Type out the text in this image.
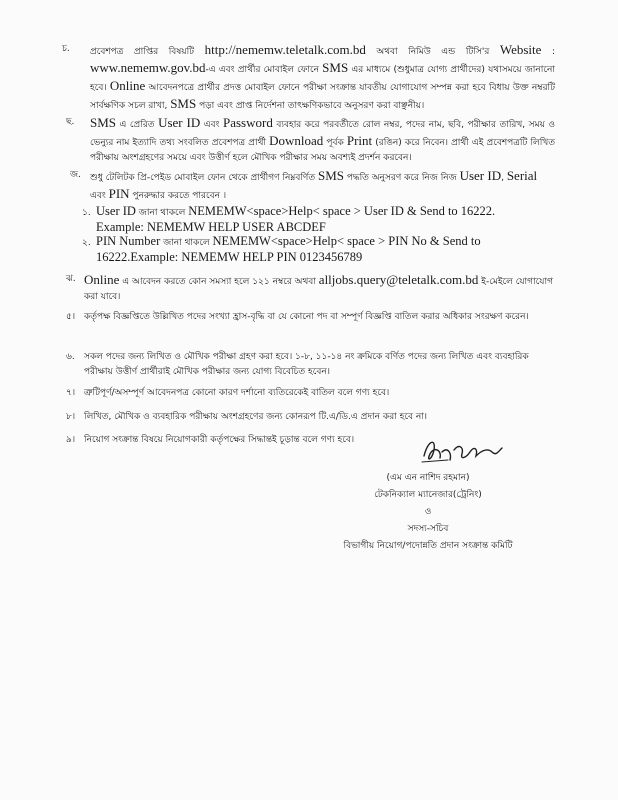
চ. প্রবেশপত্র প্রাপ্তির বিষয়টি http://nememw.teletalk.com.bd অথবা নিমিউ এন্ড টিসি'র Website : www.nememw.gov.bd-এ এবং প্রার্থীর মোবাইল ফোনে SMS এর মাধ্যমে (শুধুমাত্র যোগ্য প্রার্থীদের) যথাসময়ে জানানো হবে। Online আবেদনপত্রে প্রার্থীর প্রদত্ত মোবাইল ফোনে পরীক্ষা সংক্রান্ত যাবতীয় যোগাযোগ সম্পন্ন করা হবে বিধায় উক্ত নম্বরটি সার্বক্ষণিক সচল রাখা, SMS পড়া এবং প্রাপ্ত নির্দেশনা তাৎক্ষণিকভাবে অনুসরণ করা বাঞ্ছনীয়।
ছ. SMS এ প্রেরিত User ID এবং Password ব্যবহার করে পরবর্তীতে রোল নম্বর, পদের নাম, ছবি, পরীক্ষার তারিখ, সময় ও ভেন্যুর নাম ইত্যাদি তথ্য সংবলিত প্রবেশপত্র প্রার্থী Download পূর্বক Print (রঙিন) করে নিবেন। প্রার্থী এই প্রবেশপত্রটি লিখিত পরীক্ষায় অংশগ্রহণের সময়ে এবং উত্তীর্ণ হলে মৌখিক পরীক্ষার সময় অবশ্যই প্রদর্শন করবেন।
জ. শুধু টেলিটক প্রি-পেইড মোবাইল ফোন থেকে প্রার্থীগণ নিম্নবর্ণিত SMS পদ্ধতি অনুসরণ করে নিজ নিজ User ID, Serial এবং PIN পুনরুদ্ধার করতে পারবেন ।
১. User ID জানা থাকলে NEMEMW<space>Help< space > User ID & Send to 16222. Example: NEMEMW HELP USER ABCDEF
২. PIN Number জানা থাকলে NEMEMW<space>Help< space > PIN No & Send to 16222.Example: NEMEMW HELP PIN 0123456789
ঝ. Online এ আবেদন করতে কোন সমস্যা হলে ১২১ নম্বরে অথবা alljobs.query@teletalk.com.bd ই-মেইলে যোগাযোগ করা যাবে।
৫। কর্তৃপক্ষ বিজ্ঞপ্তিতে উল্লিখিত পদের সংখ্যা হ্রাস-বৃদ্ধি বা যে কোনো পদ বা সম্পূর্ণ বিজ্ঞপ্তি বাতিল করার অধিকার সংরক্ষণ করেন।
৬. সকল পদের জন্য লিখিত ও মৌখিক পরীক্ষা গ্রহণ করা হবে। ১-৮, ১১-১৪ নং ক্রমিকে বর্ণিত পদের জন্য লিখিত এবং ব্যবহারিক পরীক্ষায় উত্তীর্ণ প্রার্থীরাই মৌখিক পরীক্ষার জন্য যোগ্য বিবেচিত হবেন।
৭। ত্রুটিপূর্ণ/অসম্পূর্ণ আবেদনপত্র কোনো কারণ দর্শানো ব্যতিরেকেই বাতিল বলে গণ্য হবে।
৮। লিখিত, মৌখিক ও ব্যবহারিক পরীক্ষায় অংশগ্রহণের জন্য কোনরূপ টি.এ/ডি.এ প্রদান করা হবে না।
৯। নিয়োগ সংক্রান্ত বিষয়ে নিয়োগকারী কর্তৃপক্ষের সিদ্ধান্তই চূড়ান্ত বলে গণ্য হবে।
(এম এন নাশিদ রহমান)
টেকনিক্যাল ম্যানেজার(ট্রেনিং)
ও
সদস্য-সচিব
বিভাগীয় নিয়োগ/পদোন্নতি প্রদান সংক্রান্ত কমিটি
